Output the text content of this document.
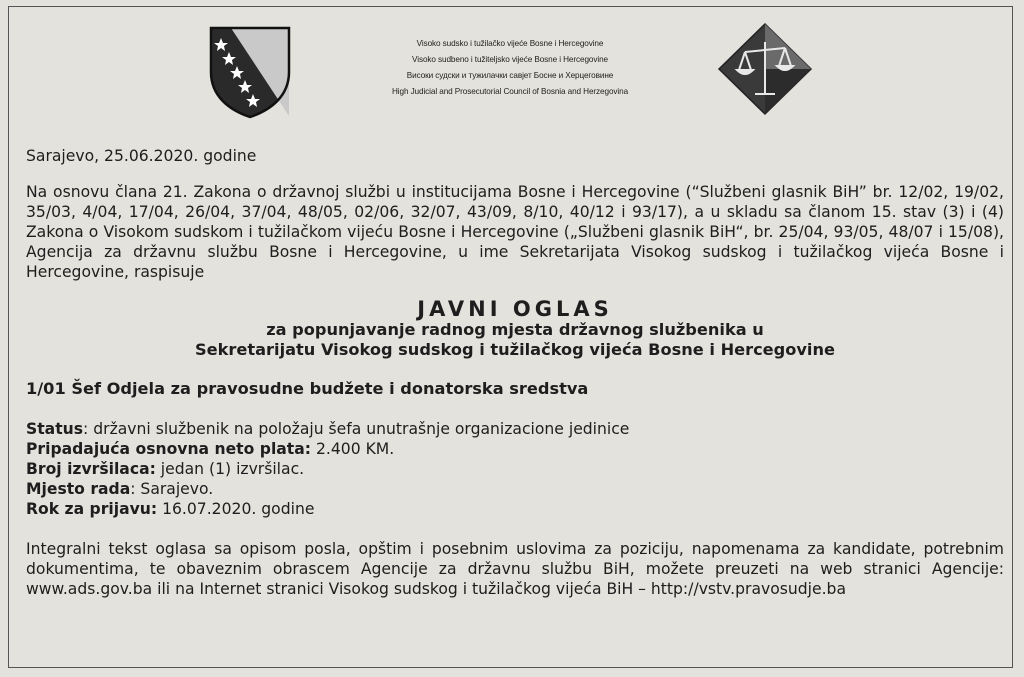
Visoko sudsko i tužilačko vijeće Bosne i Hercegovine
Visoko sudbeno i tužiteljsko vijeće Bosne i Hercegovine
Високи судски и тужилачки савјет Босне и Херцеговине
High Judicial and Prosecutorial Council of Bosnia and Herzegovina

Sarajevo, 25.06.2020. godine

Na osnovu člana 21. Zakona o državnoj službi u institucijama Bosne i Hercegovine (“Službeni glasnik BiH” br. 12/02, 19/02, 35/03, 4/04, 17/04, 26/04, 37/04, 48/05, 02/06, 32/07, 43/09, 8/10, 40/12 i 93/17), a u skladu sa članom 15. stav (3) i (4) Zakona o Visokom sudskom i tužilačkom vijeću Bosne i Hercegovine („Službeni glasnik BiH“, br. 25/04, 93/05, 48/07 i 15/08), Agencija za državnu službu Bosne i Hercegovine, u ime Sekretarijata Visokog sudskog i tužilačkog vijeća Bosne i Hercegovine, raspisuje

JAVNI OGLAS
za popunjavanje radnog mjesta državnog službenika u
Sekretarijatu Visokog sudskog i tužilačkog vijeća Bosne i Hercegovine
1/01 Šef Odjela za pravosudne budžete i donatorska sredstva
Status: državni službenik na položaju šefa unutrašnje organizacione jedinice
Pripadajuća osnovna neto plata: 2.400 KM.
Broj izvršilaca: jedan (1) izvršilac.
Mjesto rada: Sarajevo.
Rok za prijavu: 16.07.2020. godine

Integralni tekst oglasa sa opisom posla, opštim i posebnim uslovima za poziciju, napomenama za kandidate, potrebnim dokumentima, te obaveznim obrascem Agencije za državnu službu BiH, možete preuzeti na web stranici Agencije: www.ads.gov.ba ili na Internet stranici Visokog sudskog i tužilačkog vijeća BiH – http://vstv.pravosudje.ba
